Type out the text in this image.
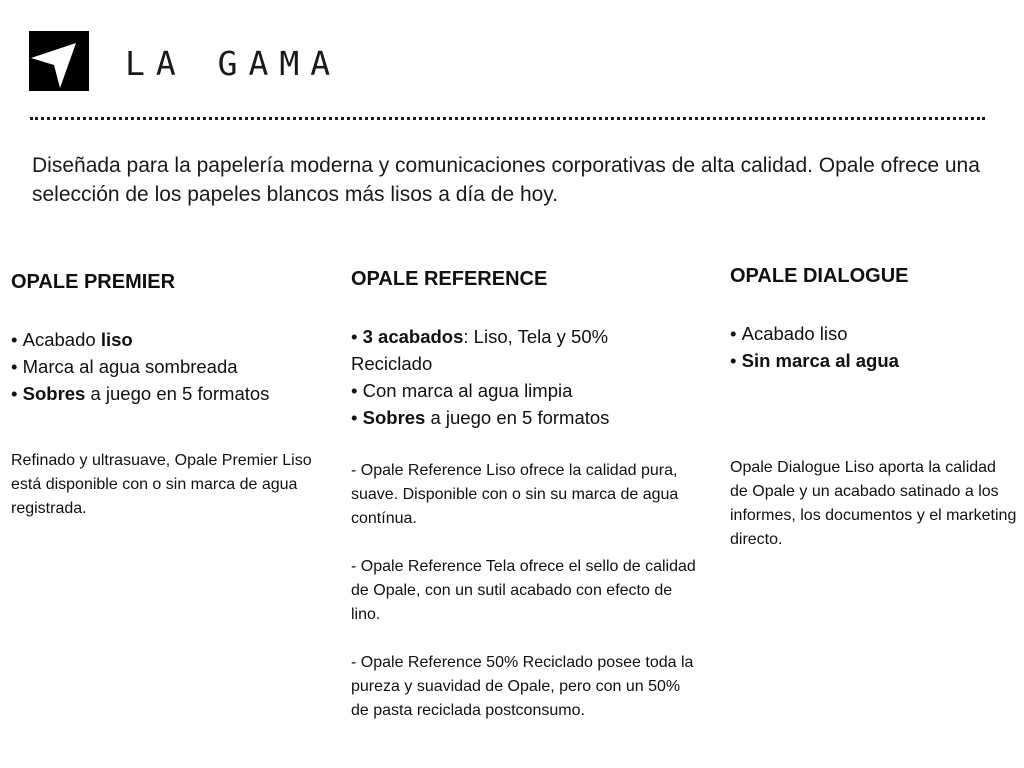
LA GAMA
Diseñada para la papelería moderna y comunicaciones corporativas de alta calidad. Opale ofrece una selección de los papeles blancos más lisos a día de hoy.
OPALE PREMIER
• Acabado liso
• Marca al agua sombreada
• Sobres a juego en 5 formatos

Refinado y ultrasuave, Opale Premier Liso está disponible con o sin marca de agua registrada.

OPALE REFERENCE
• 3 acabados: Liso, Tela y 50% Reciclado
• Con marca al agua limpia
• Sobres a juego en 5 formatos

- Opale Reference Liso ofrece la calidad pura, suave. Disponible con o sin su marca de agua contínua.

- Opale Reference Tela ofrece el sello de calidad de Opale, con un sutil acabado con efecto de lino.

- Opale Reference 50% Reciclado posee toda la pureza y suavidad de Opale, pero con un 50% de pasta reciclada postconsumo.

OPALE DIALOGUE
• Acabado liso
• Sin marca al agua

Opale Dialogue Liso aporta la calidad de Opale y un acabado satinado a los informes, los documentos y el marketing directo.
